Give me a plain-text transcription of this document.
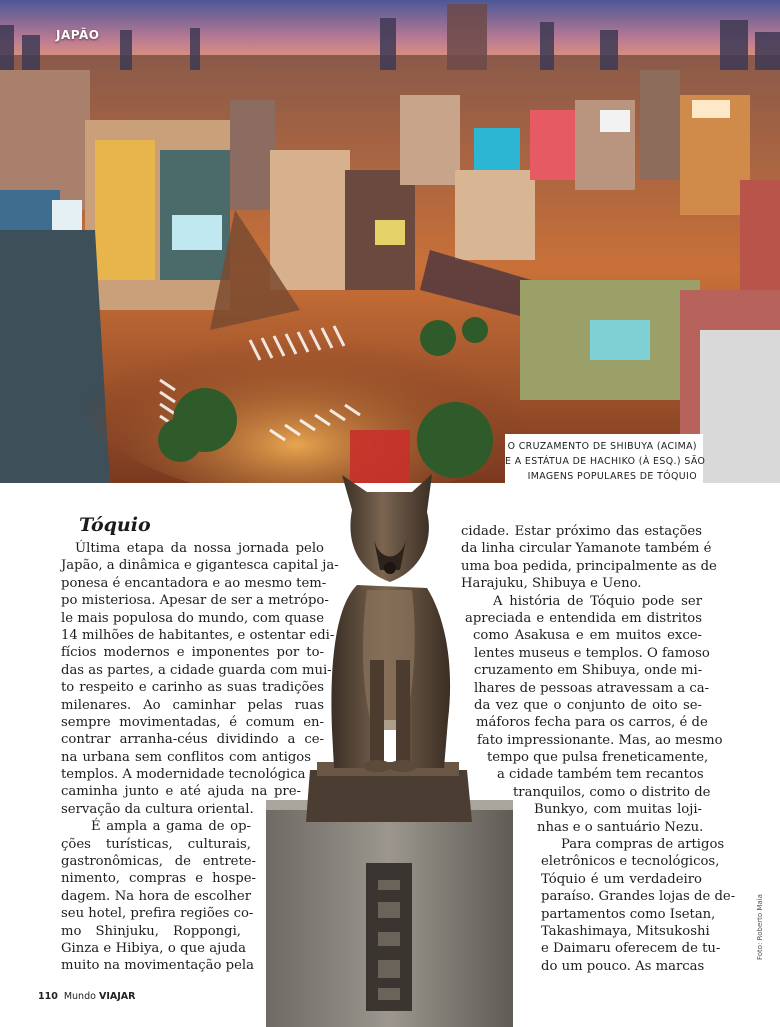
JAPÃO
O CRUZAMENTO DE SHIBUYA (ACIMA)
E A ESTÁTUA DE HACHIKO (À ESQ.) SÃO
IMAGENS POPULARES DE TÓQUIO
Tóquio
Última etapa da nossa jornada pelo
Japão, a dinâmica e gigantesca capital ja-
ponesa é encantadora e ao mesmo tem-
po misteriosa. Apesar de ser a metrópo-
le mais populosa do mundo, com quase
14 milhões de habitantes, e ostentar edi-
fícios modernos e imponentes por to-
das as partes, a cidade guarda com mui-
to respeito e carinho as suas tradições
milenares. Ao caminhar pelas ruas
sempre movimentadas, é comum en-
contrar arranha-céus dividindo a ce-
na urbana sem conflitos com antigos
templos. A modernidade tecnológica
caminha junto e até ajuda na pre-
servação da cultura oriental.
É ampla a gama de op-
ções turísticas, culturais,
gastronômicas, de entrete-
nimento, compras e hospe-
dagem. Na hora de escolher
seu hotel, prefira regiões co-
mo Shinjuku, Roppongi,
Ginza e Hibiya, o que ajuda
muito na movimentação pela
cidade. Estar próximo das estações
da linha circular Yamanote também é
uma boa pedida, principalmente as de
Harajuku, Shibuya e Ueno.
A história de Tóquio pode ser
apreciada e entendida em distritos
como Asakusa e em muitos exce-
lentes museus e templos. O famoso
cruzamento em Shibuya, onde mi-
lhares de pessoas atravessam a ca-
da vez que o conjunto de oito se-
máforos fecha para os carros, é de
fato impressionante. Mas, ao mesmo
tempo que pulsa freneticamente,
a cidade também tem recantos
tranquilos, como o distrito de
Bunkyo, com muitas loji-
nhas e o santuário Nezu.
Para compras de artigos
eletrônicos e tecnológicos,
Tóquio é um verdadeiro
paraíso. Grandes lojas de de-
partamentos como Isetan,
Takashimaya, Mitsukoshi
e Daimaru oferecem de tu-
do um pouco. As marcas
110 Mundo VIAJAR
Foto: Roberto Maia
